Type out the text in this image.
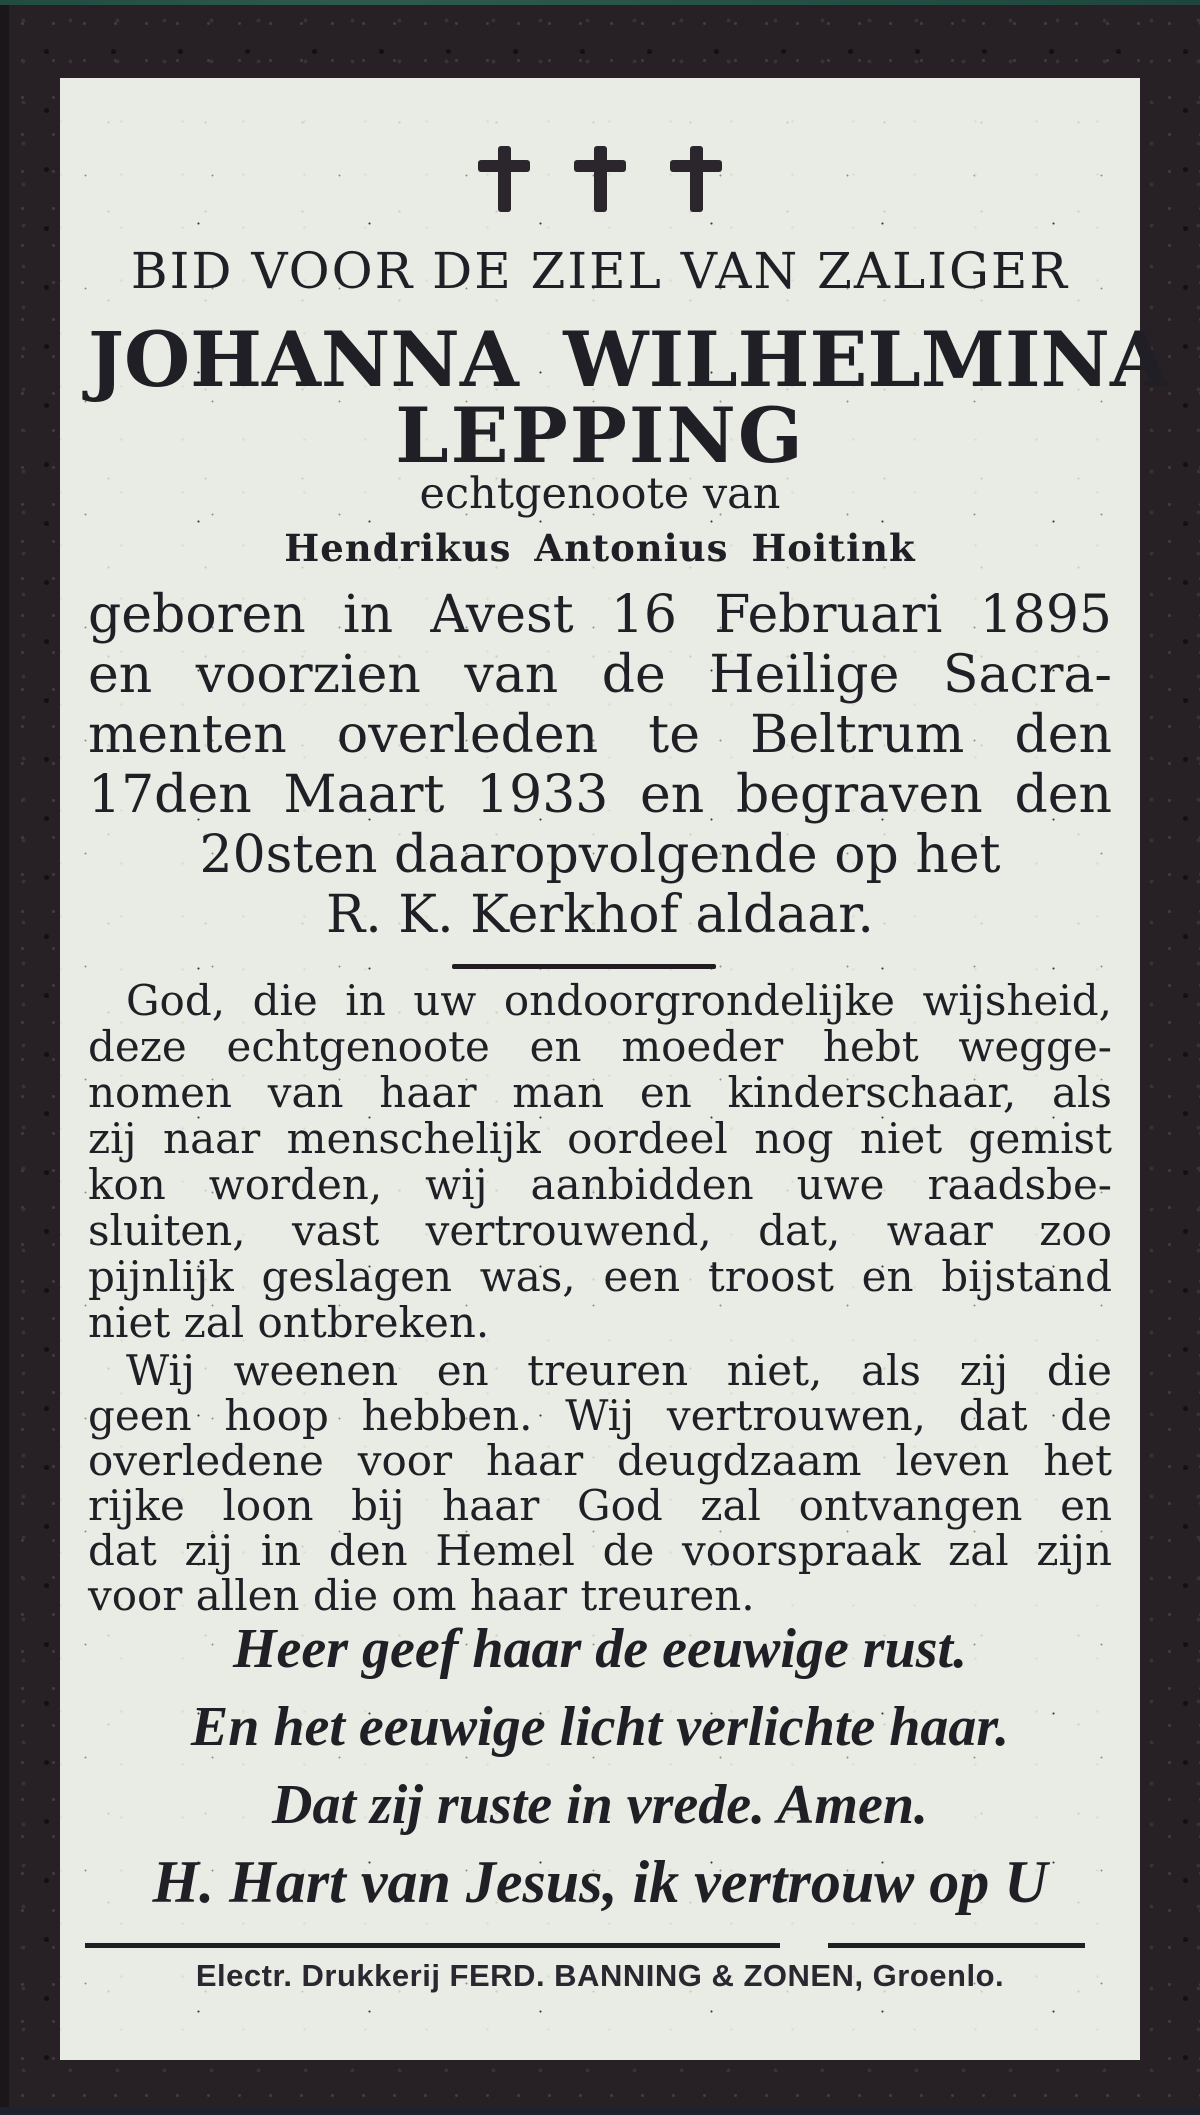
BID VOOR DE ZIEL VAN ZALIGER
JOHANNA WILHELMINA
LEPPING
echtgenoote van
Hendrikus Antonius Hoitink
geboren in Avest 16 Februari 1895
en voorzien van de Heilige Sacra-
menten overleden te Beltrum den
17den Maart 1933 en begraven den
20sten daaropvolgende op het
R. K. Kerkhof aldaar.
God, die in uw ondoorgrondelijke wijsheid,
deze echtgenoote en moeder hebt wegge-
nomen van haar man en kinderschaar, als
zij naar menschelijk oordeel nog niet gemist
kon worden, wij aanbidden uwe raadsbe-
sluiten, vast vertrouwend, dat, waar zoo
pijnlijk geslagen was, een troost en bijstand
niet zal ontbreken.
Wij weenen en treuren niet, als zij die
geen hoop hebben. Wij vertrouwen, dat de
overledene voor haar deugdzaam leven het
rijke loon bij haar God zal ontvangen en
dat zij in den Hemel de voorspraak zal zijn
voor allen die om haar treuren.
Heer geef haar de eeuwige rust.
En het eeuwige licht verlichte haar.
Dat zij ruste in vrede. Amen.
H. Hart van Jesus, ik vertrouw op U
Electr. Drukkerij FERD. BANNING & ZONEN, Groenlo.
